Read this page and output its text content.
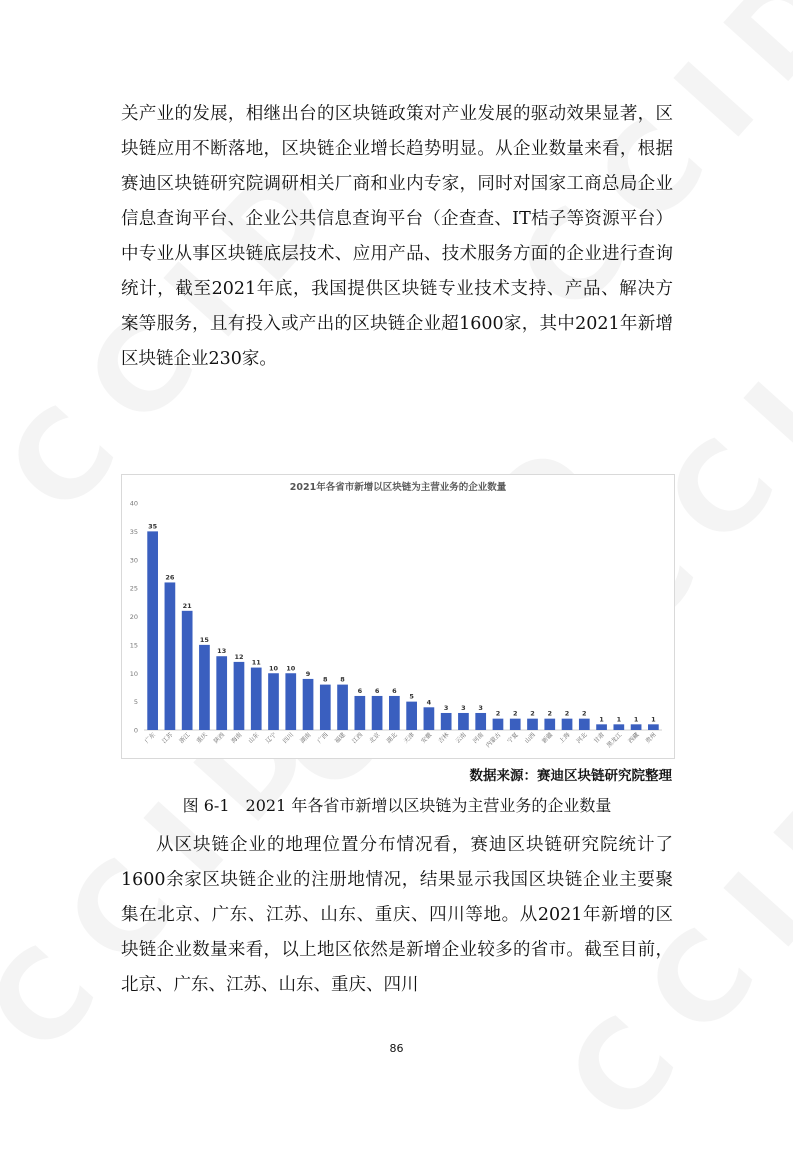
关产业的发展，相继出台的区块链政策对产业发展的驱动效果显著，区块链应用不断落地，区块链企业增长趋势明显。从企业数量来看，根据赛迪区块链研究院调研相关厂商和业内专家，同时对国家工商总局企业信息查询平台、企业公共信息查询平台（企查查、IT桔子等资源平台）中专业从事区块链底层技术、应用产品、技术服务方面的企业进行查询统计，截至2021年底，我国提供区块链专业技术支持、产品、解决方案等服务，且有投入或产出的区块链企业超1600家，其中2021年新增区块链企业230家。

2021年各省市新增以区块链为主营业务的企业数量
0
5
10
15
20
25
30
35
40
35
广东
26
江苏
21
浙江
15
重庆
13
陕西
12
海南
11
山东
10
辽宁
10
四川
9
湖南
8
广西
8
福建
6
江西
6
北京
6
湖北
5
天津
4
安徽
3
吉林
3
云南
3
河南
2
内蒙古
2
宁夏
2
山西
2
新疆
2
上海
2
河北
1
甘肃
1
黑龙江
1
西藏
1
贵州
数据来源：赛迪区块链研究院整理
图 6-1　2021 年各省市新增以区块链为主营业务的企业数量

从区块链企业的地理位置分布情况看，赛迪区块链研究院统计了1600余家区块链企业的注册地情况，结果显示我国区块链企业主要聚集在北京、广东、江苏、山东、重庆、四川等地。从2021年新增的区块链企业数量来看，以上地区依然是新增企业较多的省市。截至目前，北京、广东、江苏、山东、重庆、四川

86
